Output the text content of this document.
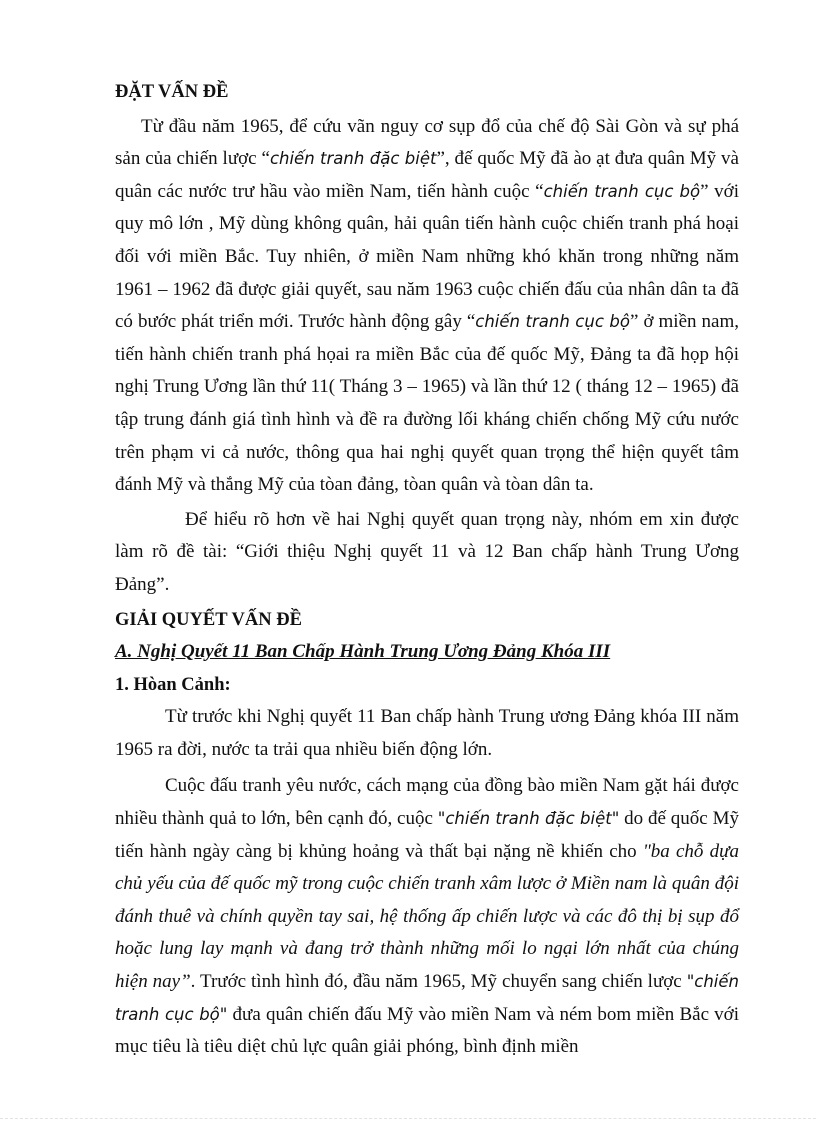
ĐẶT VẤN ĐỀ

Từ đầu năm 1965, để cứu vãn nguy cơ sụp đổ của chế độ Sài Gòn và sự phá sản của chiến lược “chiến tranh đặc biệt”, đế quốc Mỹ đã ào ạt đưa quân Mỹ và quân các nước trư hầu vào miền Nam, tiến hành cuộc “chiến tranh cục bộ” với quy mô lớn , Mỹ dùng không quân, hải quân tiến hành cuộc chiến tranh phá hoại đối với miền Bắc. Tuy nhiên, ở miền Nam những khó khăn trong những năm 1961 – 1962 đã được giải quyết, sau năm 1963 cuộc chiến đấu của nhân dân ta đã có bước phát triển mới. Trước hành động gây “chiến tranh cục bộ” ở miền nam, tiến hành chiến tranh phá họai ra miền Bắc của đế quốc Mỹ, Đảng ta đã họp hội nghị Trung Ương lần thứ 11( Tháng 3 – 1965) và lần thứ 12 ( tháng 12 – 1965) đã tập trung đánh giá tình hình và đề ra đường lối kháng chiến chống Mỹ cứu nước trên phạm vi cả nước, thông qua hai nghị quyết quan trọng thể hiện quyết tâm đánh Mỹ và thắng Mỹ của tòan đảng, tòan quân và tòan dân ta.

Để hiểu rõ hơn về hai Nghị quyết quan trọng này, nhóm em xin được làm rõ đề tài: “Giới thiệu Nghị quyết 11 và 12 Ban chấp hành Trung Ương Đảng”.

GIẢI QUYẾT VẤN ĐỀ

A. Nghị Quyết 11 Ban Chấp Hành Trung Ương Đảng Khóa III

1. Hòan Cảnh:

Từ trước khi Nghị quyết 11 Ban chấp hành Trung ương Đảng khóa III năm 1965 ra đời, nước ta trải qua nhiều biến động lớn.

Cuộc đấu tranh yêu nước, cách mạng của đồng bào miền Nam gặt hái được nhiều thành quả to lớn, bên cạnh đó, cuộc "chiến tranh đặc biệt" do đế quốc Mỹ tiến hành ngày càng bị khủng hoảng và thất bại nặng nề khiến cho "ba chỗ dựa chủ yếu của đế quốc mỹ trong cuộc chiến tranh xâm lược ở Miền nam là quân đội đánh thuê và chính quyền tay sai, hệ thống ấp chiến lược và các đô thị bị sụp đổ hoặc lung lay mạnh và đang trở thành những mối lo ngại lớn nhất của chúng hiện nay”. Trước tình hình đó, đầu năm 1965, Mỹ chuyển sang chiến lược "chiến tranh cục bộ" đưa quân chiến đấu Mỹ vào miền Nam và ném bom miền Bắc với mục tiêu là tiêu diệt chủ lực quân giải phóng, bình định miền
